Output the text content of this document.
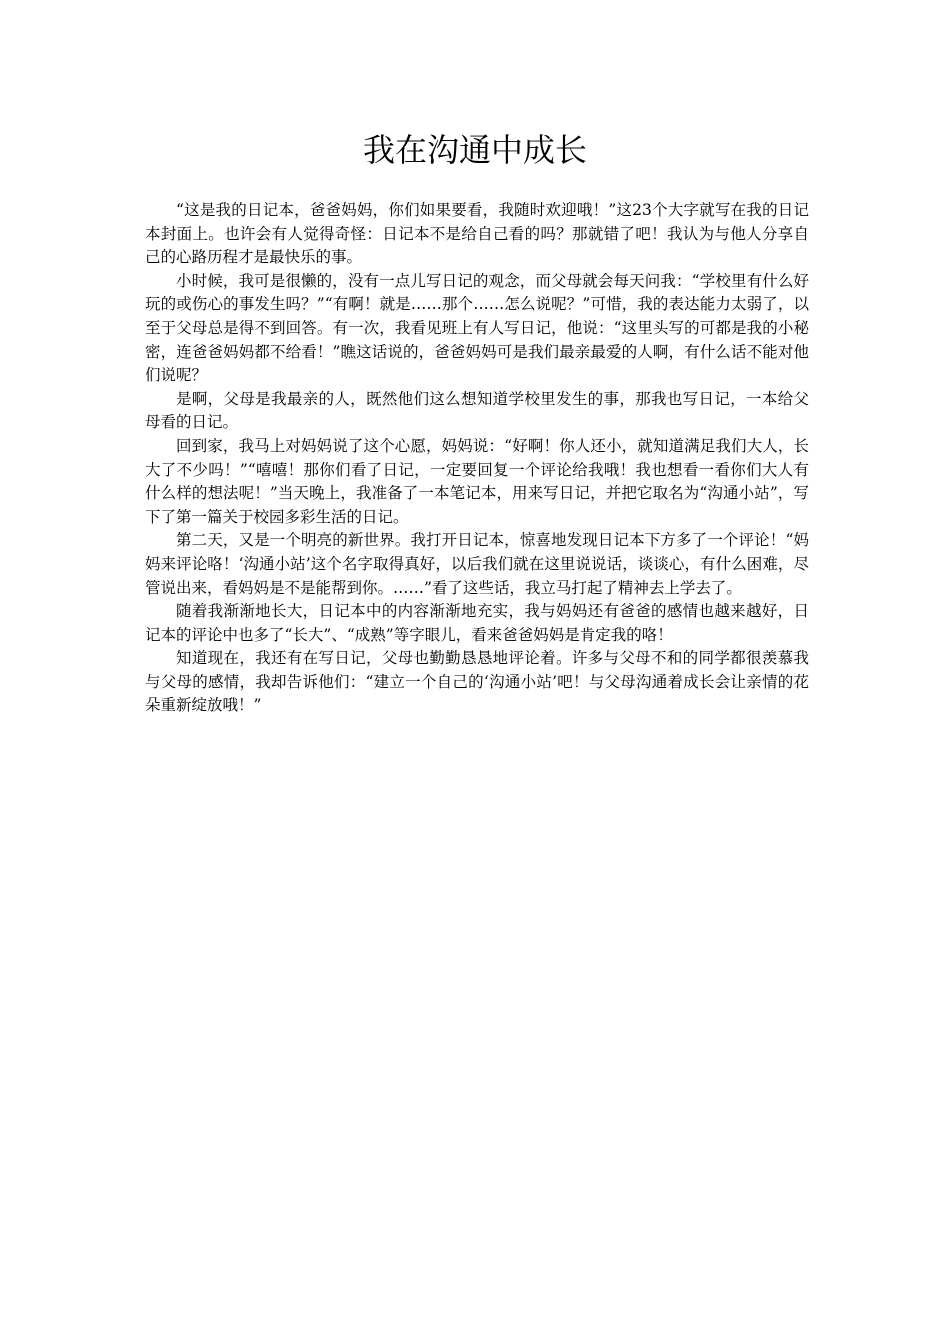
我在沟通中成长

“这是我的日记本，爸爸妈妈，你们如果要看，我随时欢迎哦！”这23个大字就写在我的日记本封面上。也许会有人觉得奇怪：日记本不是给自己看的吗？那就错了吧！我认为与他人分享自己的心路历程才是最快乐的事。

小时候，我可是很懒的，没有一点儿写日记的观念，而父母就会每天问我：“学校里有什么好玩的或伤心的事发生吗？”“有啊！就是……那个……怎么说呢？”可惜，我的表达能力太弱了，以至于父母总是得不到回答。有一次，我看见班上有人写日记，他说：“这里头写的可都是我的小秘密，连爸爸妈妈都不给看！”瞧这话说的，爸爸妈妈可是我们最亲最爱的人啊，有什么话不能对他们说呢？

是啊，父母是我最亲的人，既然他们这么想知道学校里发生的事，那我也写日记，一本给父母看的日记。

回到家，我马上对妈妈说了这个心愿，妈妈说：“好啊！你人还小，就知道满足我们大人，长大了不少吗！”“嘻嘻！那你们看了日记，一定要回复一个评论给我哦！我也想看一看你们大人有什么样的想法呢！”当天晚上，我准备了一本笔记本，用来写日记，并把它取名为“沟通小站”，写下了第一篇关于校园多彩生活的日记。

第二天，又是一个明亮的新世界。我打开日记本，惊喜地发现日记本下方多了一个评论！“妈妈来评论咯！‘沟通小站’这个名字取得真好，以后我们就在这里说说话，谈谈心，有什么困难，尽管说出来，看妈妈是不是能帮到你。……”看了这些话，我立马打起了精神去上学去了。

随着我渐渐地长大，日记本中的内容渐渐地充实，我与妈妈还有爸爸的感情也越来越好，日记本的评论中也多了“长大”、“成熟”等字眼儿，看来爸爸妈妈是肯定我的咯！

知道现在，我还有在写日记，父母也勤勤恳恳地评论着。许多与父母不和的同学都很羡慕我与父母的感情，我却告诉他们：“建立一个自己的‘沟通小站’吧！与父母沟通着成长会让亲情的花朵重新绽放哦！”
